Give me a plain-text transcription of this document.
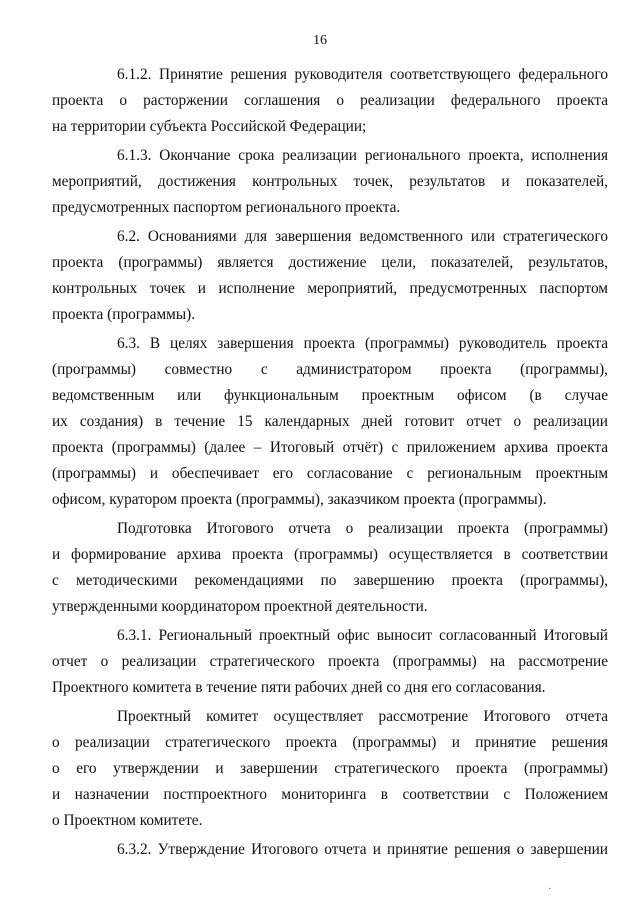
16
6.1.2. Принятие решения руководителя соответствующего федерального
проекта о расторжении соглашения о реализации федерального проекта
на территории субъекта Российской Федерации;
6.1.3. Окончание срока реализации регионального проекта, исполнения
мероприятий, достижения контрольных точек, результатов и показателей,
предусмотренных паспортом регионального проекта.
6.2. Основаниями для завершения ведомственного или стратегического
проекта (программы) является достижение цели, показателей, результатов,
контрольных точек и исполнение мероприятий, предусмотренных паспортом
проекта (программы).
6.3. В целях завершения проекта (программы) руководитель проекта
(программы) совместно с администратором проекта (программы),
ведомственным или функциональным проектным офисом (в случае
их создания) в течение 15 календарных дней готовит отчет о реализации
проекта (программы) (далее – Итоговый отчёт) с приложением архива проекта
(программы) и обеспечивает его согласование с региональным проектным
офисом, куратором проекта (программы), заказчиком проекта (программы).
Подготовка Итогового отчета о реализации проекта (программы)
и формирование архива проекта (программы) осуществляется в соответствии
с методическими рекомендациями по завершению проекта (программы),
утвержденными координатором проектной деятельности.
6.3.1. Региональный проектный офис выносит согласованный Итоговый
отчет о реализации стратегического проекта (программы) на рассмотрение
Проектного комитета в течение пяти рабочих дней со дня его согласования.
Проектный комитет осуществляет рассмотрение Итогового отчета
о реализации стратегического проекта (программы) и принятие решения
о его утверждении и завершении стратегического проекта (программы)
и назначении постпроектного мониторинга в соответствии с Положением
о Проектном комитете.
6.3.2. Утверждение Итогового отчета и принятие решения о завершении
·
